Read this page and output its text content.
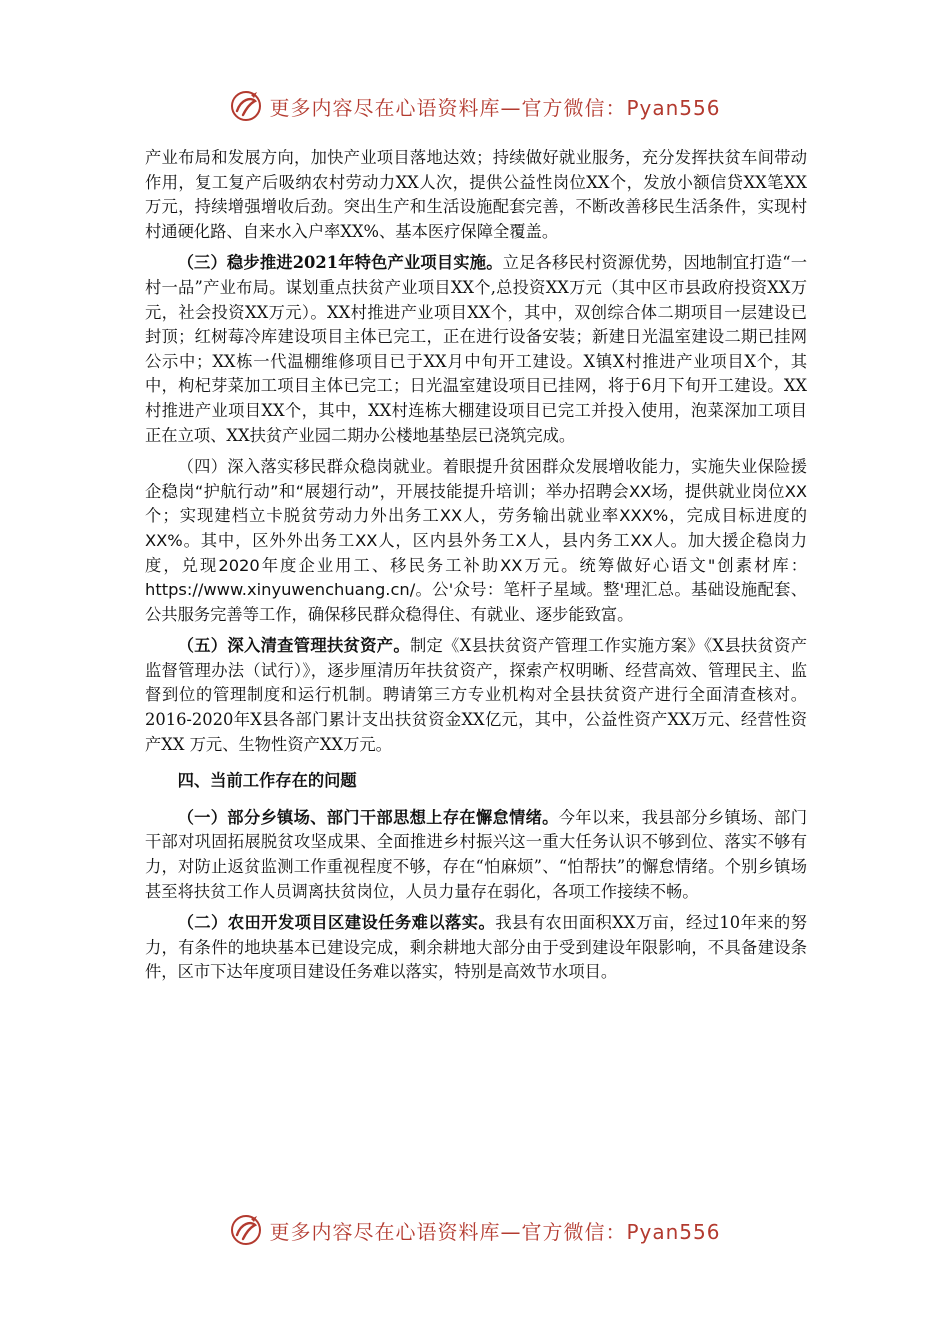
更多内容尽在心语资料库—官方微信：Pyan556

产业布局和发展方向，加快产业项目落地达效；持续做好就业服务，充分发挥扶贫车间带动作用，复工复产后吸纳农村劳动力XX人次，提供公益性岗位XX个，发放小额信贷XX笔XX万元，持续增强增收后劲。突出生产和生活设施配套完善，不断改善移民生活条件，实现村村通硬化路、自来水入户率XX%、基本医疗保障全覆盖。

（三）稳步推进2021年特色产业项目实施。立足各移民村资源优势，因地制宜打造“一村一品”产业布局。谋划重点扶贫产业项目XX个,总投资XX万元（其中区市县政府投资XX万元，社会投资XX万元）。XX村推进产业项目XX个，其中，双创综合体二期项目一层建设已封顶；红树莓冷库建设项目主体已完工，正在进行设备安装；新建日光温室建设二期已挂网公示中；XX栋一代温棚维修项目已于XX月中旬开工建设。X镇X村推进产业项目X个，其中，枸杞芽菜加工项目主体已完工；日光温室建设项目已挂网，将于6月下旬开工建设。XX村推进产业项目XX个，其中，XX村连栋大棚建设项目已完工并投入使用，泡菜深加工项目正在立项、XX扶贫产业园二期办公楼地基垫层已浇筑完成。

（四）深入落实移民群众稳岗就业。着眼提升贫困群众发展增收能力，实施失业保险援企稳岗“护航行动”和“展翅行动”，开展技能提升培训；举办招聘会XX场，提供就业岗位XX个；实现建档立卡脱贫劳动力外出务工XX人，劳务输出就业率XXX%，完成目标进度的XX%。其中，区外外出务工XX人，区内县外务工X人，县内务工XX人。加大援企稳岗力度，兑现2020年度企业用工、移民务工补助XX万元。统筹做好心语文"创素材库：https://www.xinyuwenchuang.cn/。公'众号：笔杆子星域。整'理汇总。基础设施配套、公共服务完善等工作，确保移民群众稳得住、有就业、逐步能致富。

（五）深入清查管理扶贫资产。制定《X县扶贫资产管理工作实施方案》《X县扶贫资产监督管理办法（试行）》，逐步厘清历年扶贫资产，探索产权明晰、经营高效、管理民主、监督到位的管理制度和运行机制。聘请第三方专业机构对全县扶贫资产进行全面清查核对。2016-2020年X县各部门累计支出扶贫资金XX亿元，其中，公益性资产XX万元、经营性资产XX 万元、生物性资产XX万元。

四、当前工作存在的问题

（一）部分乡镇场、部门干部思想上存在懈怠情绪。今年以来，我县部分乡镇场、部门干部对巩固拓展脱贫攻坚成果、全面推进乡村振兴这一重大任务认识不够到位、落实不够有力，对防止返贫监测工作重视程度不够，存在“怕麻烦”、“怕帮扶”的懈怠情绪。个别乡镇场甚至将扶贫工作人员调离扶贫岗位，人员力量存在弱化，各项工作接续不畅。

（二）农田开发项目区建设任务难以落实。我县有农田面积XX万亩，经过10年来的努力，有条件的地块基本已建设完成，剩余耕地大部分由于受到建设年限影响，不具备建设条件，区市下达年度项目建设任务难以落实，特别是高效节水项目。

更多内容尽在心语资料库—官方微信：Pyan556
